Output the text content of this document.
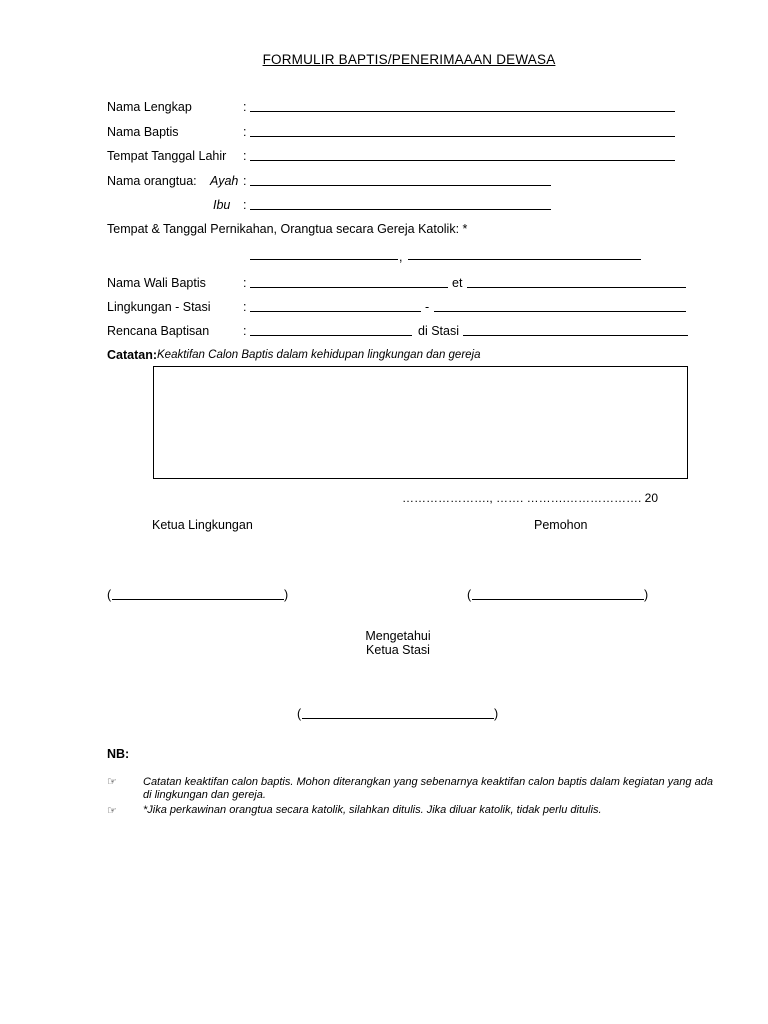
FORMULIR BAPTIS/PENERIMAAAN DEWASA
Nama Lengkap	:
Nama Baptis	:
Tempat Tanggal Lahir :
Nama orangtua: Ayah :
Ibu :
Tempat & Tanggal Pernikahan, Orangtua secara Gereja Katolik: *
,
Nama Wali Baptis	:	et
Lingkungan - Stasi	:	-
Rencana Baptisan	:	di Stasi
Catatan: Keaktifan Calon Baptis dalam kehidupan lingkungan dan gereja
…………………., ……. ……….………………. 20
Ketua Lingkungan	Pemohon
(	)	(	)
Mengetahui
Ketua Stasi
(	)
NB:
☞ Catatan keaktifan calon baptis. Mohon diterangkan yang sebenarnya keaktifan calon baptis dalam kegiatan yang ada di lingkungan dan gereja.
☞ *Jika perkawinan orangtua secara katolik, silahkan ditulis. Jika diluar katolik, tidak perlu ditulis.
